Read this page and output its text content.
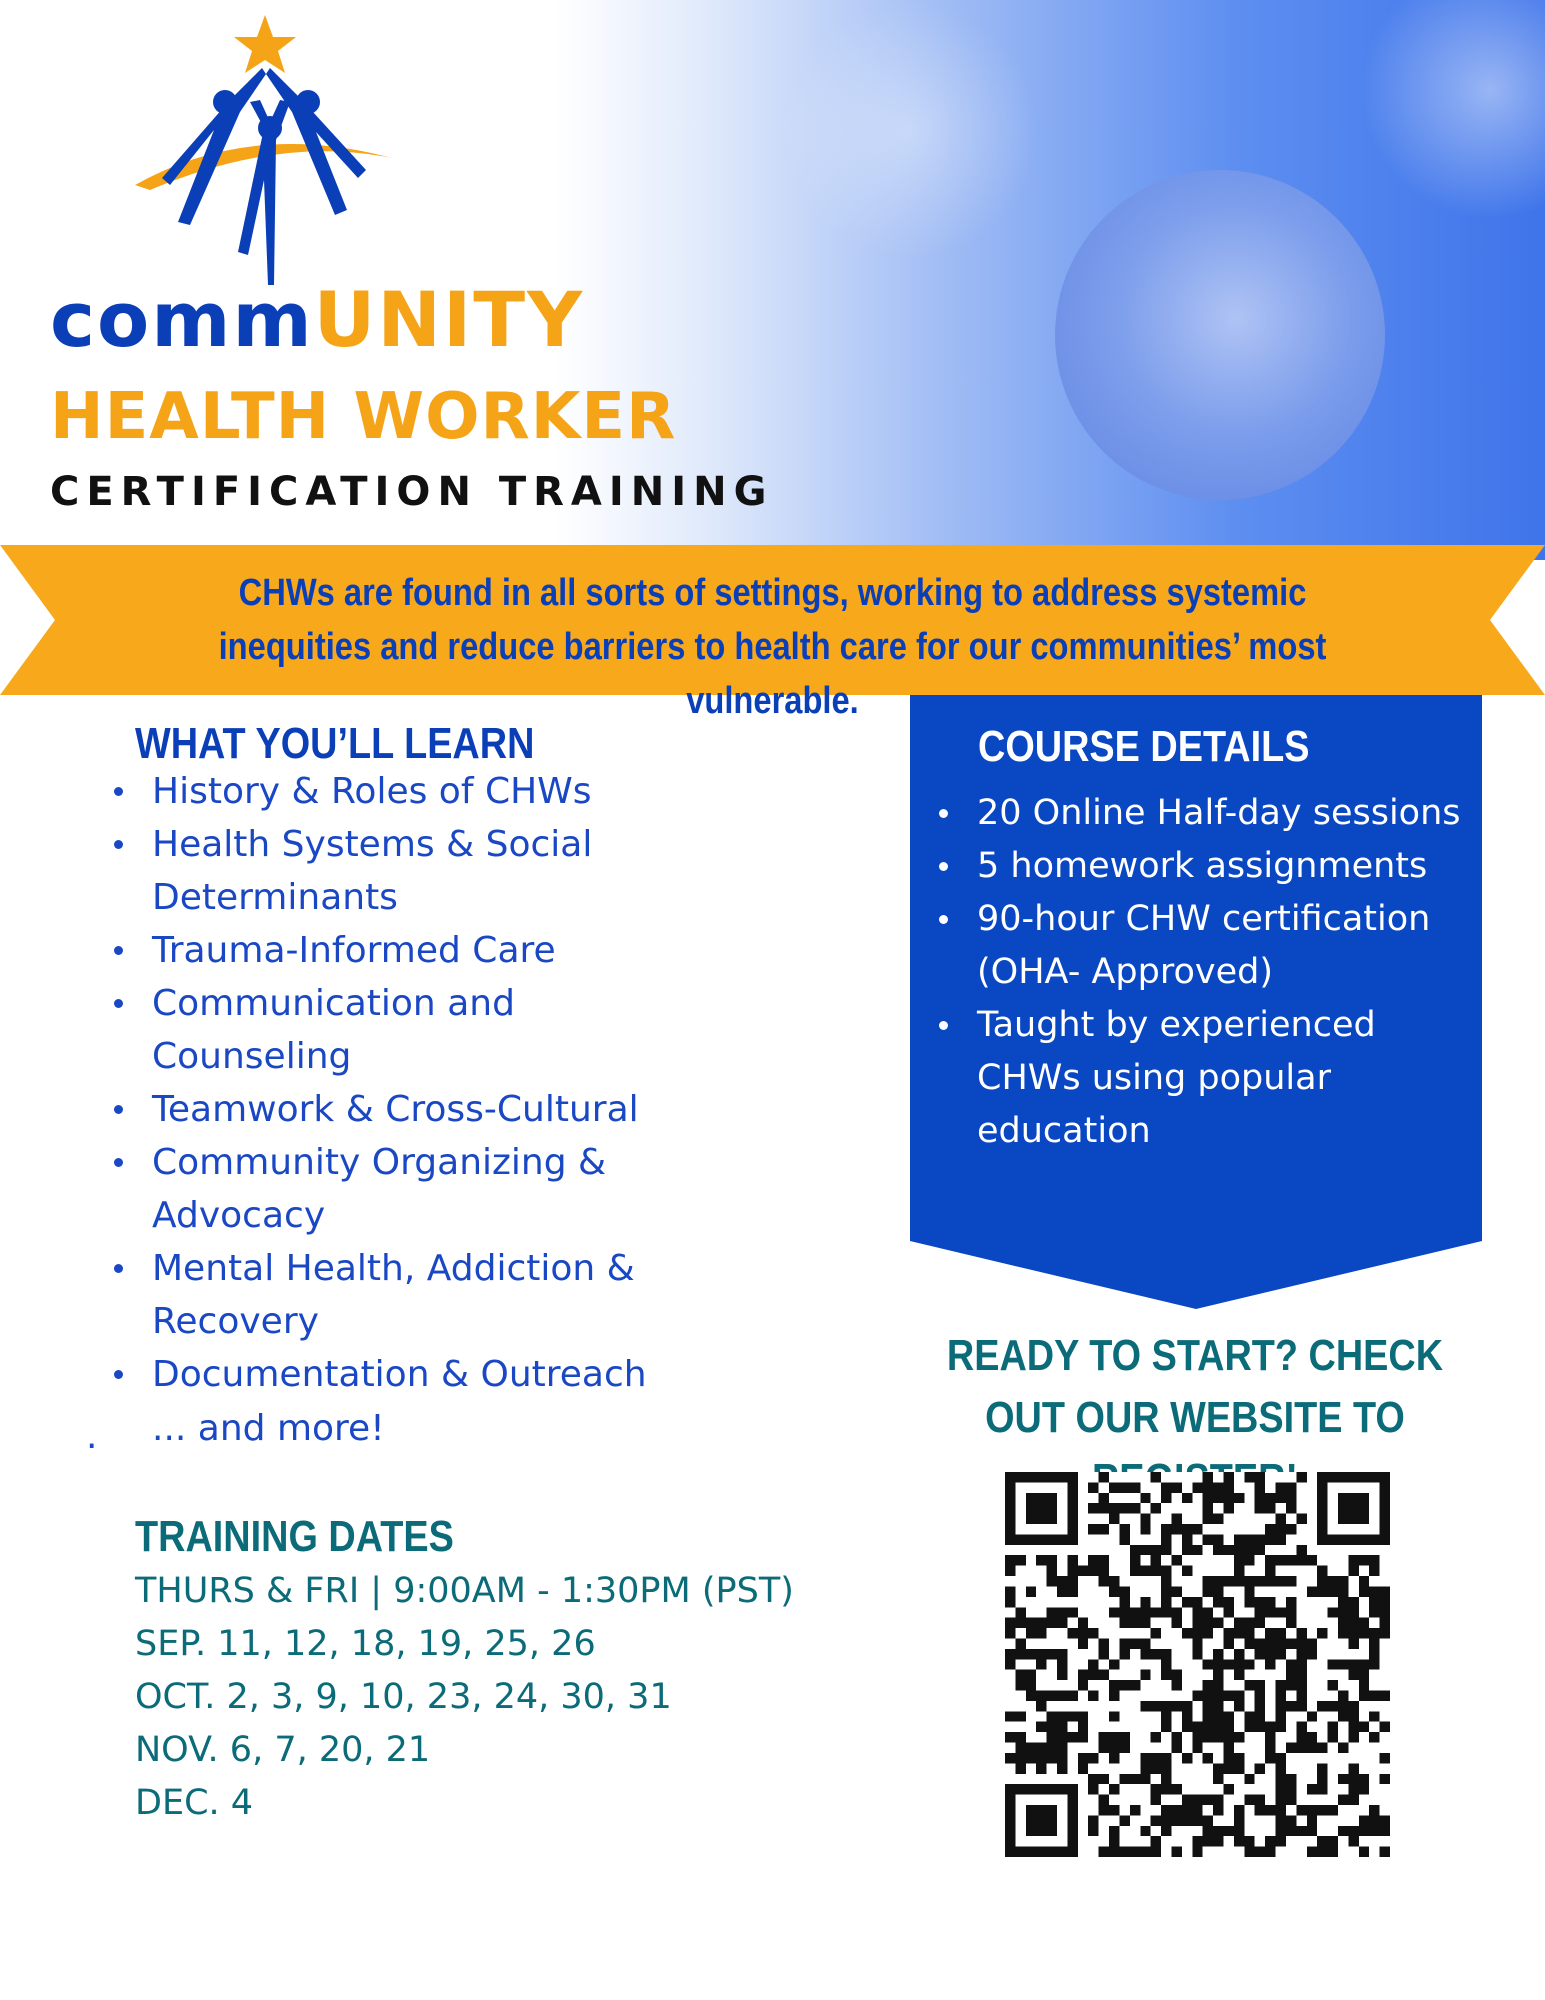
commUNITY
HEALTH WORKER
CERTIFICATION TRAINING
CHWs are found in all sorts of settings, working to address systemic inequities and reduce barriers to health care for our communities’ most vulnerable.
WHAT YOU’LL LEARN
History & Roles of CHWs
Health Systems & Social Determinants
Trauma-Informed Care
Communication and Counseling
Teamwork & Cross-Cultural
Community Organizing & Advocacy
Mental Health, Addiction & Recovery
Documentation & Outreach
. ... and more!
TRAINING DATES
THURS & FRI | 9:00AM - 1:30PM (PST)
SEP. 11, 12, 18, 19, 25, 26
OCT. 2, 3, 9, 10, 23, 24, 30, 31
NOV. 6, 7, 20, 21
DEC. 4
COURSE DETAILS
20 Online Half-day sessions
5 homework assignments
90-hour CHW certification (OHA- Approved)
Taught by experienced CHWs using popular education
READY TO START? CHECK OUT OUR WEBSITE TO
